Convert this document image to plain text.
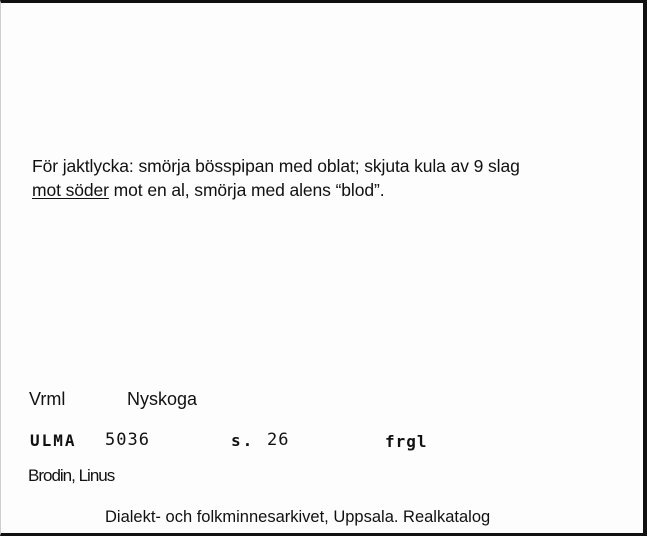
För jaktlycka: smörja bösspipan med oblat; skjuta kula av 9 slag
mot söder mot en al, smörja med alens “blod”.
Vrml	Nyskoga
ULMA 5036	s. 26	frgl
Brodin, Linus
Dialekt- och folkminnesarkivet, Uppsala. Realkatalog
